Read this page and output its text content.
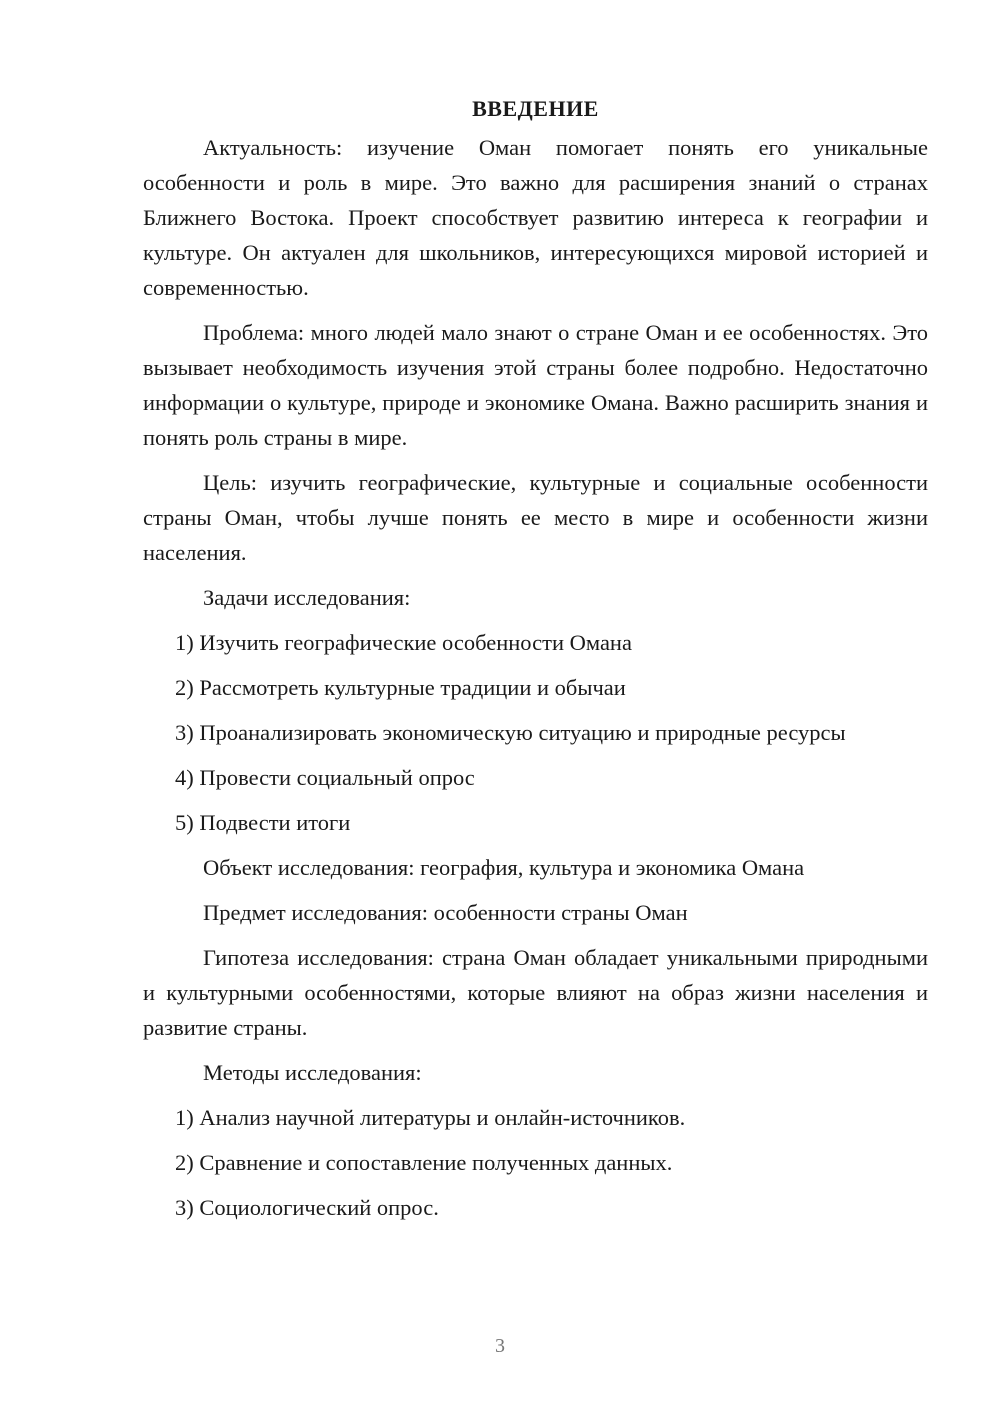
ВВЕДЕНИЕ

Актуальность: изучение Оман помогает понять его уникальные особенности и роль в мире. Это важно для расширения знаний о странах Ближнего Востока. Проект способствует развитию интереса к географии и культуре. Он актуален для школьников, интересующихся мировой историей и современностью.

Проблема: много людей мало знают о стране Оман и ее особенностях. Это вызывает необходимость изучения этой страны более подробно. Недостаточно информации о культуре, природе и экономике Омана. Важно расширить знания и понять роль страны в мире.

Цель: изучить географические, культурные и социальные особенности страны Оман, чтобы лучше понять ее место в мире и особенности жизни населения.

Задачи исследования:
1) Изучить географические особенности Омана
2) Рассмотреть культурные традиции и обычаи
3) Проанализировать экономическую ситуацию и природные ресурсы
4) Провести социальный опрос
5) Подвести итоги
Объект исследования: география, культура и экономика Омана
Предмет исследования: особенности страны Оман

Гипотеза исследования: страна Оман обладает уникальными природными и культурными особенностями, которые влияют на образ жизни населения и развитие страны.

Методы исследования:
1) Анализ научной литературы и онлайн-источников.
2) Сравнение и сопоставление полученных данных.
3) Социологический опрос.
3
